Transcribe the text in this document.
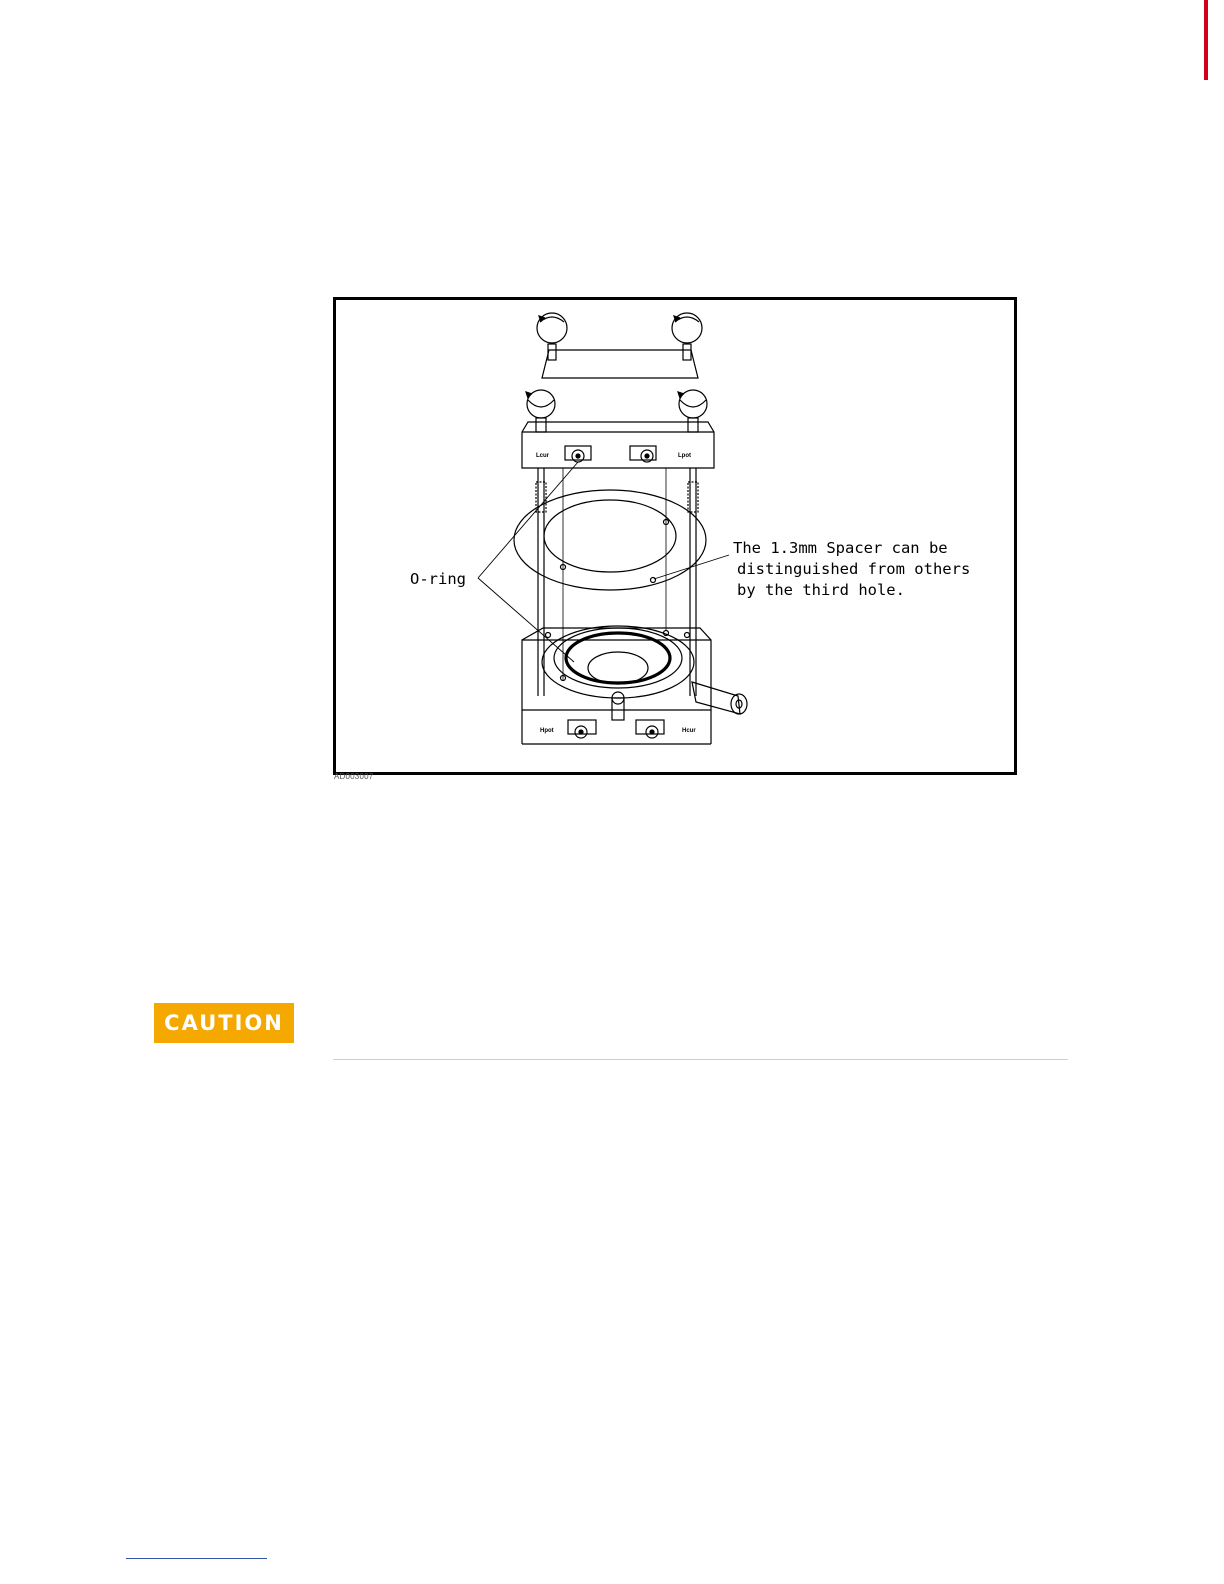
Lcur	Lpot
Hpot	Hcur
O-ring
The 1.3mm Spacer can be
distinguished from others
by the third hole.
AD003007
CAUTION
